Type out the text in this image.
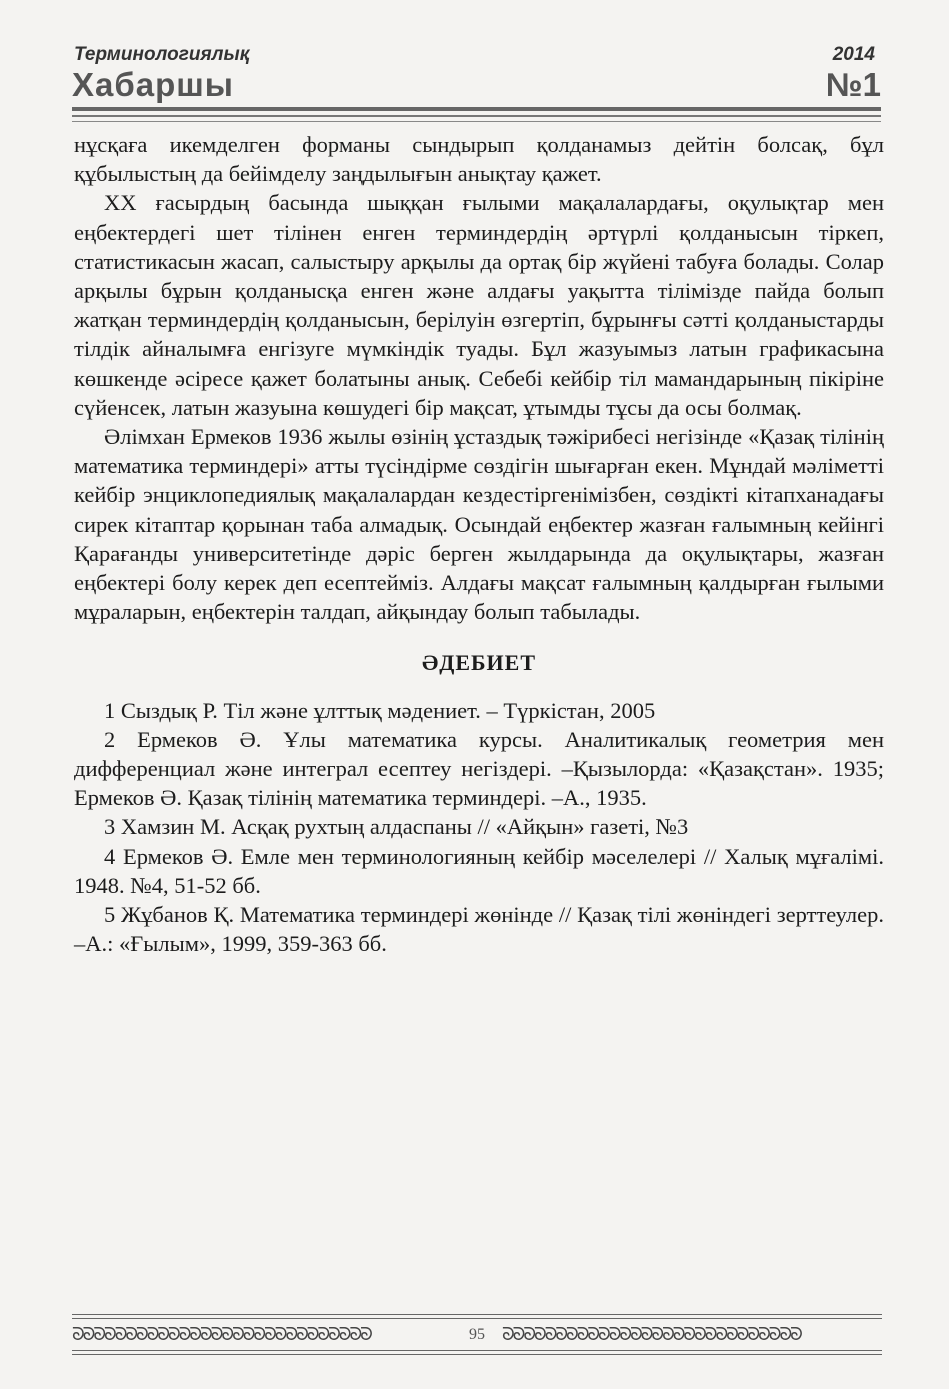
Терминологиялық
Хабаршы
2014
№1

нұсқаға икемделген форманы сындырып қолданамыз дейтін болсақ, бұл құбылыстың да бейімделу заңдылығын анықтау қажет.

XX ғасырдың басында шыққан ғылыми мақалалардағы, оқулықтар мен еңбектердегі шет тілінен енген терминдердің әртүрлі қолданысын тіркеп, статистикасын жасап, салыстыру арқылы да ортақ бір жүйені табуға болады. Солар арқылы бұрын қолданысқа енген және алдағы уақытта тілімізде пайда болып жатқан терминдердің қолданысын, берілуін өзгертіп, бұрынғы сәтті қолданыстарды тілдік айналымға енгізуге мүмкіндік туады. Бұл жазуымыз латын графикасына көшкенде әсіресе қажет болатыны анық. Себебі кейбір тіл мамандарының пікіріне сүйенсек, латын жазуына көшудегі бір мақсат, ұтымды тұсы да осы болмақ.

Әлімхан Ермеков 1936 жылы өзінің ұстаздық тәжірибесі негізінде «Қазақ тілінің математика терминдері» атты түсіндірме сөздігін шығарған екен. Мұндай мәліметті кейбір энциклопедиялық мақалалардан кездестіргенімізбен, сөздікті кітапханадағы сирек кітаптар қорынан таба алмадық. Осындай еңбектер жазған ғалымның кейінгі Қарағанды университетінде дәріс берген жылдарында да оқулықтары, жазған еңбектері болу керек деп есептейміз. Алдағы мақсат ғалымның қалдырған ғылыми мұраларын, еңбектерін талдап, айқындау болып табылады.

ӘДЕБИЕТ

1 Сыздық Р. Тіл және ұлттық мәдениет. – Түркістан, 2005

2 Ермеков Ә. Ұлы математика курсы. Аналитикалық геометрия мен дифференциал және интеграл есептеу негіздері. –Қызылорда: «Қазақстан». 1935; Ермеков Ә. Қазақ тілінің математика терминдері. –А., 1935.

3 Хамзин М. Асқақ рухтың алдаспаны // «Айқын» газеті, №3

4 Ермеков Ә. Емле мен терминологияның кейбір мәселелері // Халық мұғалімі. 1948. №4, 51-52 бб.

5 Жұбанов Қ. Математика терминдері жөнінде // Қазақ тілі жөніндегі зерттеулер. –А.: «Ғылым», 1999, 359-363 бб.

ᘐᘐᘐᘐᘐᘐᘐᘐᘐᘐᘐᘐᘐᘐᘐᘐᘐᘐᘐᘐᘐᘐᘐᘐᘐᘐᘐᘐ	95 ᘐᘐᘐᘐᘐᘐᘐᘐᘐᘐᘐᘐᘐᘐᘐᘐᘐᘐᘐᘐᘐᘐᘐᘐᘐᘐᘐᘐ
